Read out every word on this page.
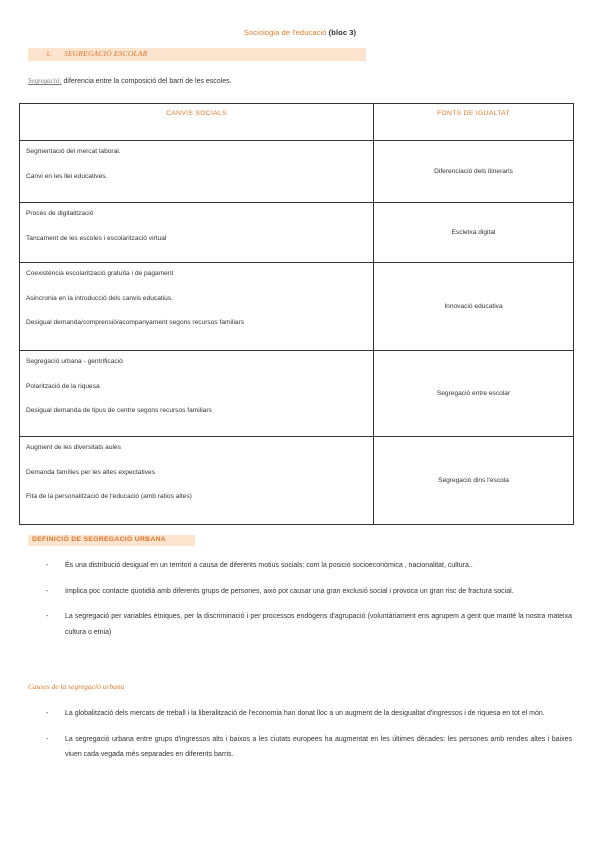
Sociologia de l'educació (bloc 3)
1. SEGREGACIÓ ESCOLAR
Segregació: diferencia entre la composició del barri de les escoles.
CANVIS SOCIALS	FONTS DE IGUALTAT

Segmentació del mercat laboral.
Canvi en les llei educatives.	Diferenciació dels itineraris

Procés de digitalització
Tancament de les escoles i escolarització virtual	Escletxa digital

Coexistència escolarització gratuïta i de pagament
Asincronia en la introducció dels canvis educatius.
Desigual demanda/comprensió/acompanyament segons recursos familiars	Innovació educativa

Segregació urbana - gentrificació
Polarització de la riquesa
Desigual demanda de tipus de centre segons recursos familiars	Segregació entre escolar

Augment de les diversitats aules
Demanda famílies per les altes expectatives
Fita de la personalització de l'educació (amb ratios altes)	Segregació dins l'escola
DEFINICIÓ DE SEGREGACIÓ URBANA
- És una distribució desigual en un territori a causa de diferents motius socials: com la posició socioeconòmica , nacionalitat, cultura..
- Implica poc contacte quotidià amb diferents grups de persones, això pot causar una gran exclusió social i provoca un gran risc de fractura social.
- La segregació per variables ètniques, per la discriminació i per processos endògens d'agrupació (voluntàriament ens agrupem a gent que manté la nostra mateixa cultura o etnia)
Causes de la segregació urbana
- La globalització dels mercats de treball i la liberalització de l'economia han donat lloc a un augment de la desigualtat d'ingressos i de riquesa en tot el món.
- La segregació urbana entre grups d'ingressos alts i baixos a les ciutats europees ha augmentat en les últimes dècades: les persones amb rendes altes i baixes viuen cada vegada més separades en diferents barris.
